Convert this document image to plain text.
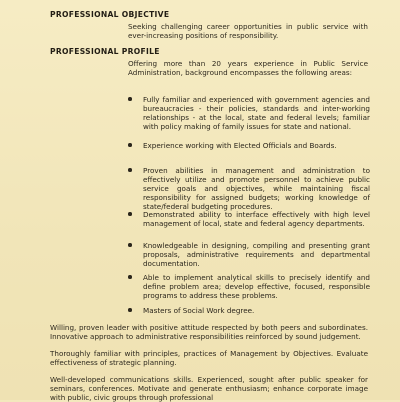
PROFESSIONAL OBJECTIVE
Seeking challenging career opportunities in public service with ever-increasing positions of responsibility.
PROFESSIONAL PROFILE
Offering more than 20 years experience in Public Service Administration, background encompasses the following areas:
Fully familiar and experienced with government agencies and bureaucracies - their policies, standards and inter-working relationships - at the local, state and federal levels; familiar with policy making of family issues for state and national.
Experience working with Elected Officials and Boards.
Proven abilities in management and administration to effectively utilize and promote personnel to achieve public service goals and objectives, while maintaining fiscal responsibility for assigned budgets; working knowledge of state/federal budgeting procedures.
Demonstrated ability to interface effectively with high level management of local, state and federal agency departments.
Knowledgeable in designing, compiling and presenting grant proposals, administrative requirements and departmental documentation.
Able to implement analytical skills to precisely identify and define problem area; develop effective, focused, responsible programs to address these problems.
Masters of Social Work degree.
Willing, proven leader with positive attitude respected by both peers and subordinates. Innovative approach to administrative responsibilities reinforced by sound judgement.
Thoroughly familiar with principles, practices of Management by Objectives. Evaluate effectiveness of strategic planning.
Well-developed communications skills. Experienced, sought after public speaker for seminars, conferences. Motivate and generate enthusiasm; enhance corporate image with public, civic groups through professional
